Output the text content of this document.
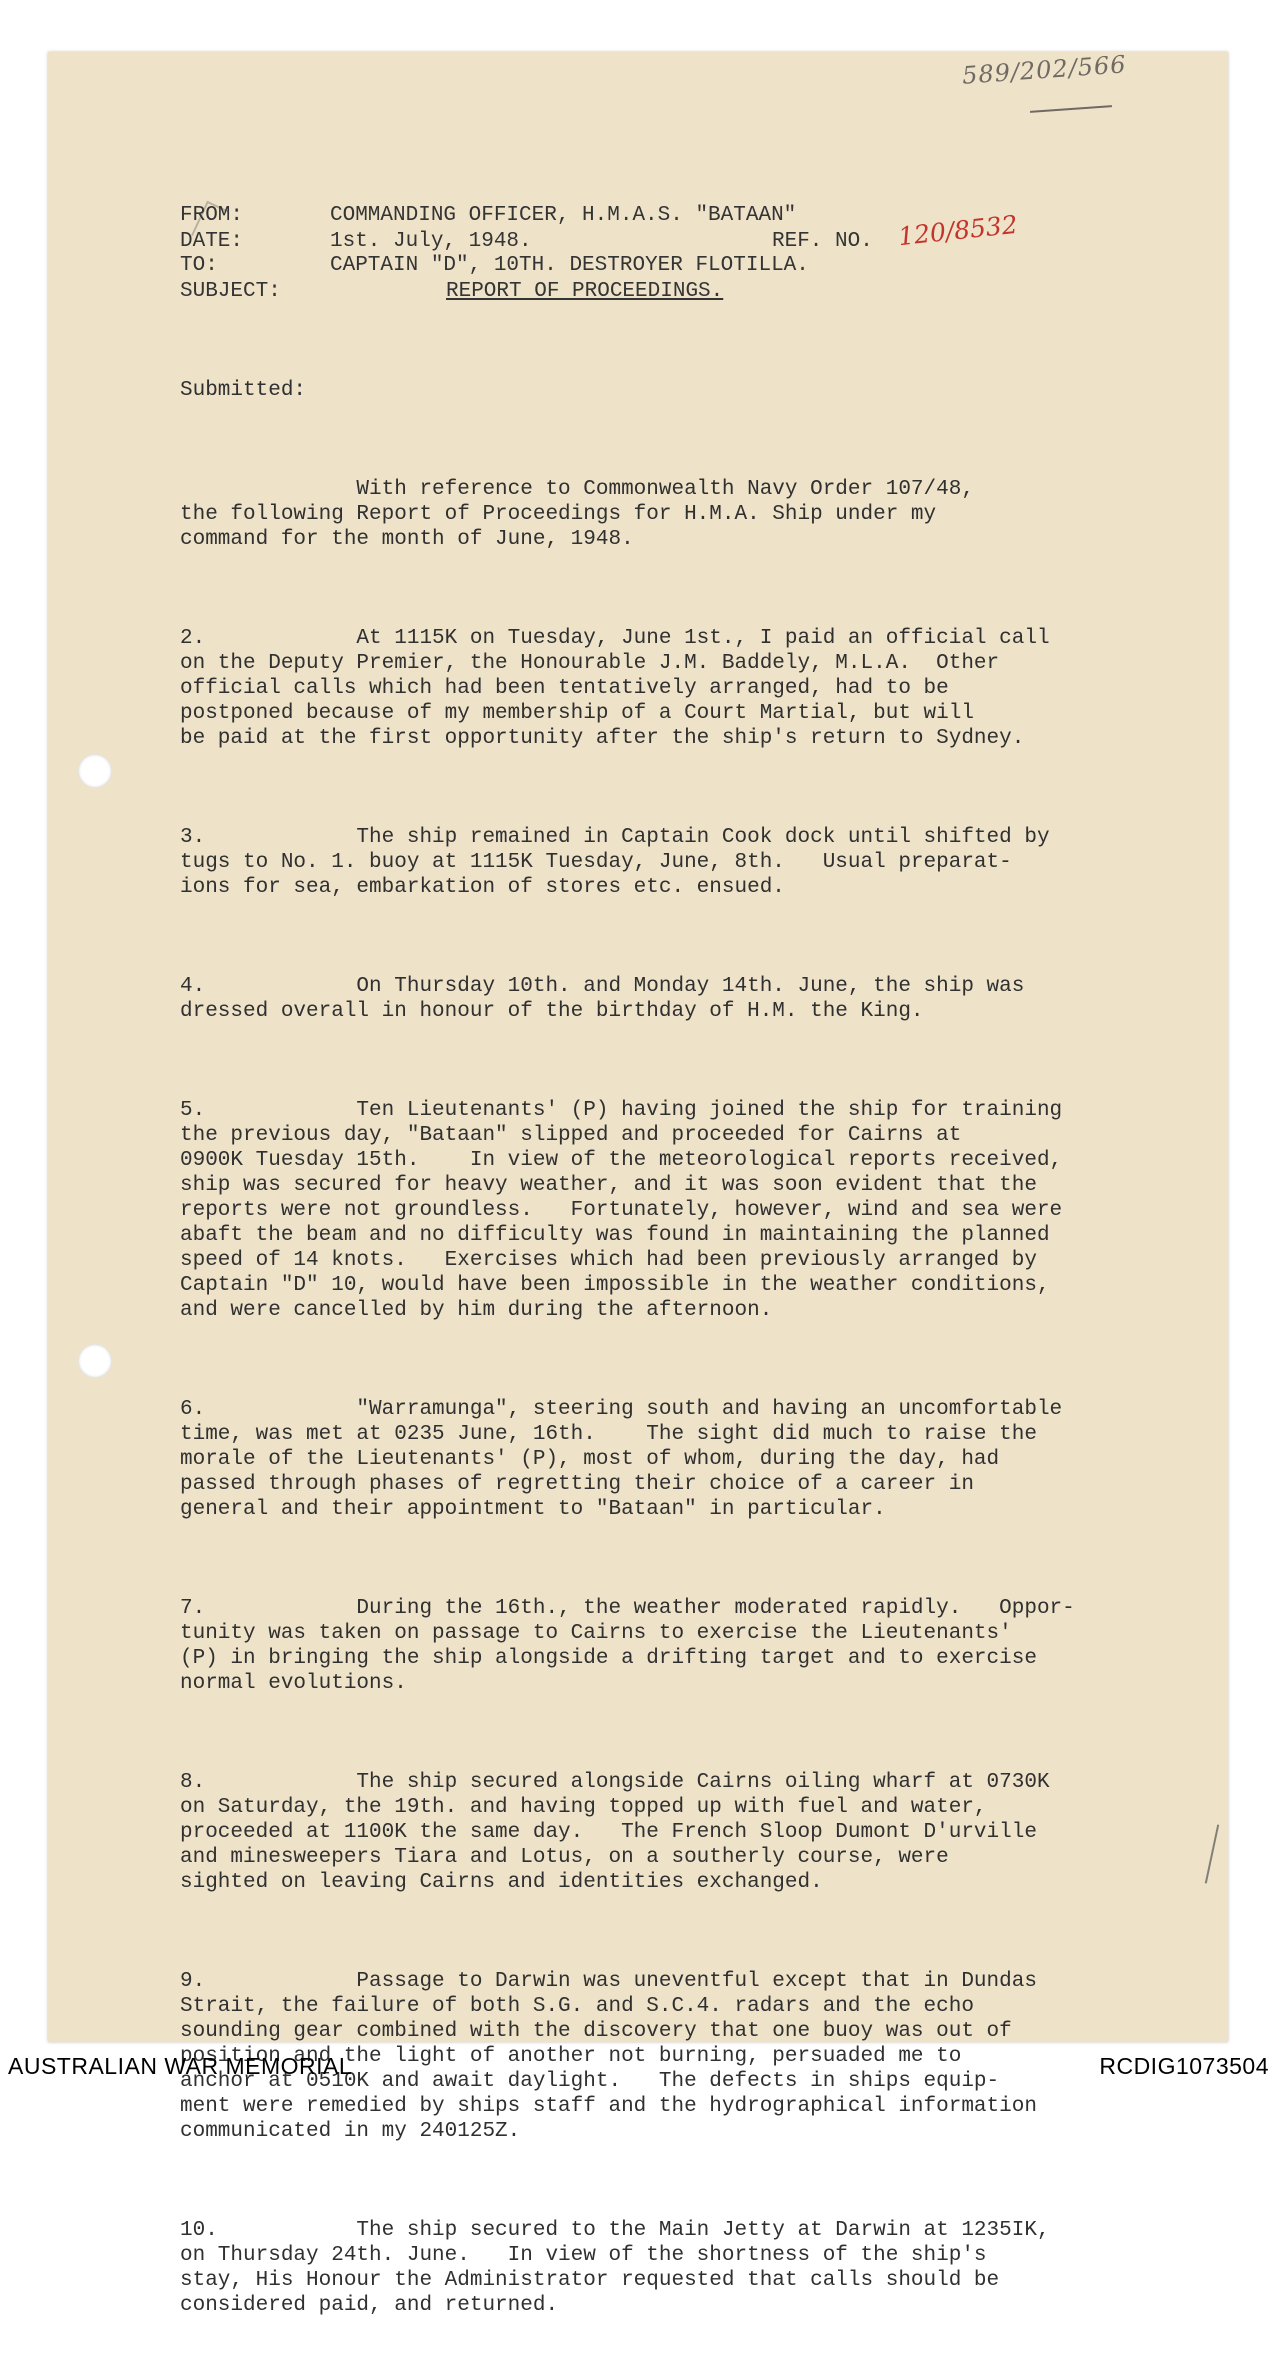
589/202/566
FROM:	COMMANDING OFFICER, H.M.A.S. "BATAAN"
DATE:	1st. July, 1948.	REF. NO. 120/8532
TO:	CAPTAIN "D", 10TH. DESTROYER FLOTILLA.
SUBJECT:	REPORT OF PROCEEDINGS.

Submitted:

With reference to Commonwealth Navy Order 107/48,
the following Report of Proceedings for H.M.A. Ship under my
command for the month of June, 1948.

2.            At 1115K on Tuesday, June 1st., I paid an official call
on the Deputy Premier, the Honourable J.M. Baddely, M.L.A.  Other
official calls which had been tentatively arranged, had to be
postponed because of my membership of a Court Martial, but will
be paid at the first opportunity after the ship's return to Sydney.

3.            The ship remained in Captain Cook dock until shifted by
tugs to No. 1. buoy at 1115K Tuesday, June, 8th.   Usual preparat-
ions for sea, embarkation of stores etc. ensued.

4.            On Thursday 10th. and Monday 14th. June, the ship was
dressed overall in honour of the birthday of H.M. the King.

5.            Ten Lieutenants' (P) having joined the ship for training
the previous day, "Bataan" slipped and proceeded for Cairns at
0900K Tuesday 15th.    In view of the meteorological reports received,
ship was secured for heavy weather, and it was soon evident that the
reports were not groundless.   Fortunately, however, wind and sea were
abaft the beam and no difficulty was found in maintaining the planned
speed of 14 knots.   Exercises which had been previously arranged by
Captain "D" 10, would have been impossible in the weather conditions,
and were cancelled by him during the afternoon.

6.            "Warramunga", steering south and having an uncomfortable
time, was met at 0235 June, 16th.    The sight did much to raise the
morale of the Lieutenants' (P), most of whom, during the day, had
passed through phases of regretting their choice of a career in
general and their appointment to "Bataan" in particular.

7.            During the 16th., the weather moderated rapidly.   Oppor-
tunity was taken on passage to Cairns to exercise the Lieutenants'
(P) in bringing the ship alongside a drifting target and to exercise
normal evolutions.

8.            The ship secured alongside Cairns oiling wharf at 0730K
on Saturday, the 19th. and having topped up with fuel and water,
proceeded at 1100K the same day.   The French Sloop Dumont D'urville
and minesweepers Tiara and Lotus, on a southerly course, were
sighted on leaving Cairns and identities exchanged.

9.            Passage to Darwin was uneventful except that in Dundas
Strait, the failure of both S.G. and S.C.4. radars and the echo
sounding gear combined with the discovery that one buoy was out of
position and the light of another not burning, persuaded me to
anchor at 0510K and await daylight.   The defects in ships equip-
ment were remedied by ships staff and the hydrographical information
communicated in my 240125Z.

10.           The ship secured to the Main Jetty at Darwin at 1235IK,
on Thursday 24th. June.   In view of the shortness of the ship's
stay, His Honour the Administrator requested that calls should be
considered paid, and returned.

AUSTRALIAN WAR MEMORIAL	RCDIG1073504
